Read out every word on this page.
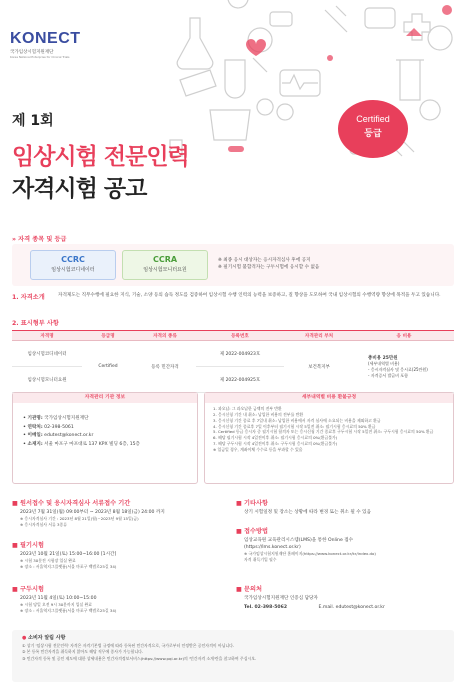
KONECT
국가임상시험지원재단
Korea National Enterprise for Clinical Trials
Certified
등급
제 1회
임상시험 전문인력
자격시험 공고
» 자격 종목 및 등급
CCRC
임상시험코디네이터
CCRA
임상시험모니터요원
※ 최종 응시 대상자는 응시자격심사 후에 공지
※ 필기시험 불합격자는 구두시험에 응시할 수 없음
1. 자격소개	자격제도는 직무수행에 필요한 지식, 기술, 소양 등의 습득 정도를 검증하여 임상시험 수행 인력의 능력을 보증하고, 질 향상을 도모하여 국내 임상시험의 수행역량 향상에 목적을 두고 있습니다.
2. 표시형부 사항
자격명	등급명	자격의 종류	등록번호	자격관리 부처	응 비용
임상시험코디네이터	Certified	등록 민간자격	제 2022-004923호	보건복지부	총비용 25만원
(세부내역별 비용)
- 응시자격심사 및 응시료(25만원)
- 자격증서 발급비 포함

임상시험모니터요원			제 2022-004925호		
자격관리 기관 정보
• 기관명: 국가임상시험지원재단
• 연락처: 02-398-5061
• 이메일: edutest@konect.or.kr
• 소재지: 서울 마포구 마포대로 137 KPX 빌딩 6층, 15층
세부내역별 비용 환불규정
1. 과오납: 그 과오납한 금액의 전부 반환
2. 응시신청 기간 내 취소: 납입한 비용의 전부를 반환
3. 응시신청 기간 종료 후 7일내 취소: 납입한 비용에서 자격 심사에 소요되는 비용을 제외하고 환급
4. 응시신청 기간 종료후 7일 이후부터 필기시험 시작 5일전 취소: 필기시험 응시료의 50% 환급
5. Certified 등급 응시자 중 필기시험 합격자 또는 응시신청 기간 종료후 구두시험 시작 5일전 취소: 구두시험 응시료의 50% 환급
6. 해당 필기시험 시작 4일전이후 취소: 필기시험 응시료의 0%(환급불가)
7. 해당 구두시험 시작 4일전이후 취소: 구두시험 응시료의 0%(환급불가)
※ 입금일 경우, 계좌이체 수수료 등을 부과할 수 있음
■ 원서접수 및 응시자격심사 서류접수 기간
2023년 7월 31일(월) 09:00부터 ~ 2023년 8월 18일(금) 24:00 까지
※ 응시자격심사 기간 : 2023년 8월 21일(월)~2023년 9월 15일(금)
※ 응시자격심사 서류 3종류
■ 필기시험
2023년 10월 21일(토) 15:00~16:00 [1시간]
※ 시험 30분전 시험장 입실 완료
※ 장소 : 서울역지그플랫폼(서울 마포구 백범로25길 34)
■ 구두시험
2023년 11월 4일(토) 10:00~15:00
※ 시험 당일 오전 9시 30분까지 입실 완료
※ 장소 : 서울역지그플랫폼(서울 마포구 백범로25길 34)
■ 기타사항
상기 시험일정 및 장소는 상황에 따라 변경 또는 취소 될 수 있음
■ 접수방법
임상교육원 교육관리시스템(LMS)을 통한 Online 접수
(https://lms.konect.or.kr)
※ 국가임상시험지원재단 홈페이지(https://www.konect.or.kr/kr/index.do)
자격 취득기입 필수
■ 문의처
국가임상시험지원재단 인증심 담당자
Tel. 02-398-5062	E.mail. edutest@konect.or.kr
● 소비자 알림 사항
① 상기 '임상시험 전문인력' 자격은 자격기본법 규정에 따라 등록된 민간자격으로, 국가로부터 인정받은 공인자격이 아닙니다.
② 본 등록 민간자격을 취득하지 않아도 해당 직무에 종사가 가능합니다.
③ 민간자격 등록 및 공인 제도에 대한 상세내용은 민간자격정보서비스(https://www.pqi.or.kr)의 '민간자격 소개'란을 참고하여 주십시오.
